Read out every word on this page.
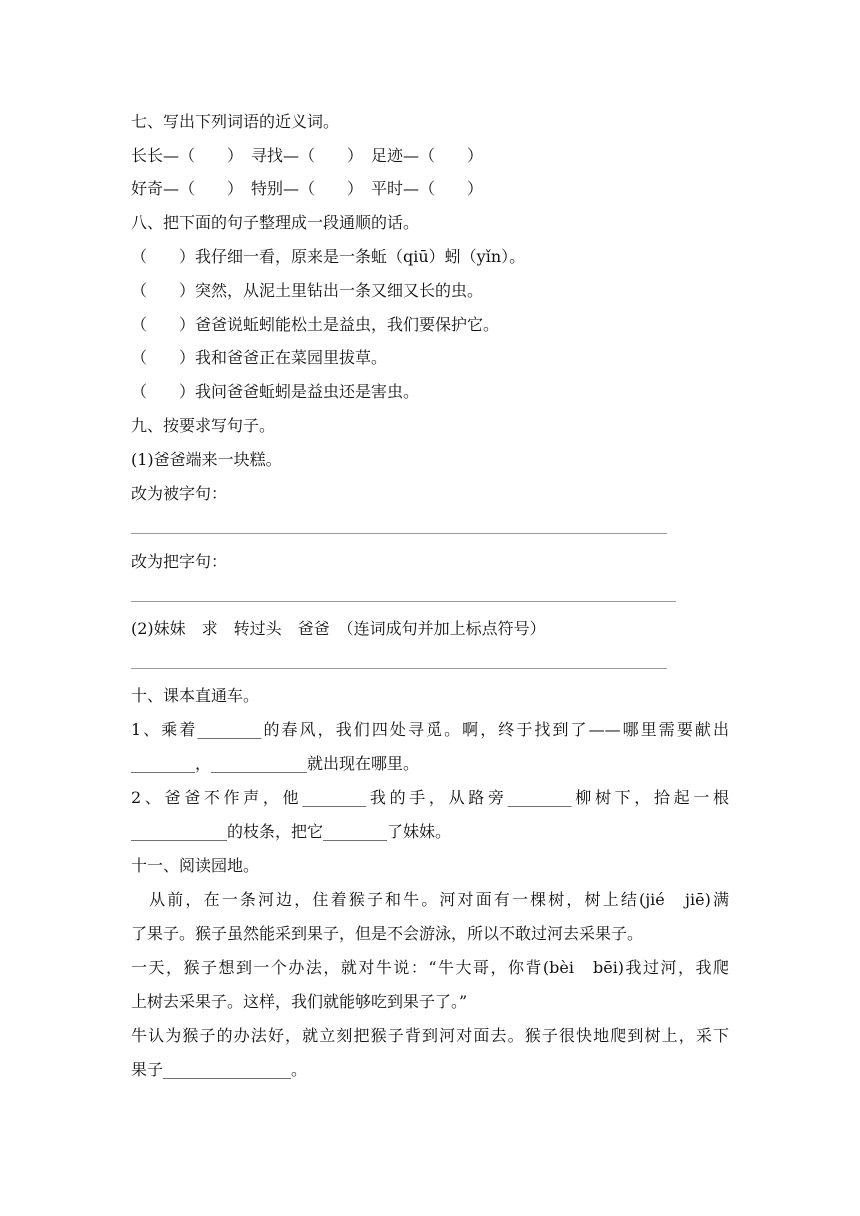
七、写出下列词语的近义词。
长长—（　　）　寻找—（　　）　足迹—（　　）
好奇—（　　）　特别—（　　）　平时—（　　）
八、把下面的句子整理成一段通顺的话。
（　　）我仔细一看，原来是一条蚯（qiū）蚓（yǐn）。
（　　）突然，从泥土里钻出一条又细又长的虫。
（　　）爸爸说蚯蚓能松土是益虫，我们要保护它。
（　　）我和爸爸正在菜园里拔草。
（　　）我问爸爸蚯蚓是益虫还是害虫。
九、按要求写句子。
(1)爸爸端来一块糕。
改为被字句：
改为把字句：
(2)妹妹　求　转过头　爸爸　（连词成句并加上标点符号）
十、课本直通车。
1、乘着________的春风，我们四处寻觅。啊，终于找到了——哪里需要献出
________，____________就出现在哪里。
2、爸爸不作声，他________我的手，从路旁________柳树下，拾起一根
____________的枝条，把它________了妹妹。
十一、阅读园地。
　从前，在一条河边，住着猴子和牛。河对面有一棵树，树上结(jié　jiē)满
了果子。猴子虽然能采到果子，但是不会游泳，所以不敢过河去采果子。
一天，猴子想到一个办法，就对牛说：“牛大哥，你背(bèi　bēi)我过河，我爬
上树去采果子。这样，我们就能够吃到果子了。”
牛认为猴子的办法好，就立刻把猴子背到河对面去。猴子很快地爬到树上，采下
果子________________。
